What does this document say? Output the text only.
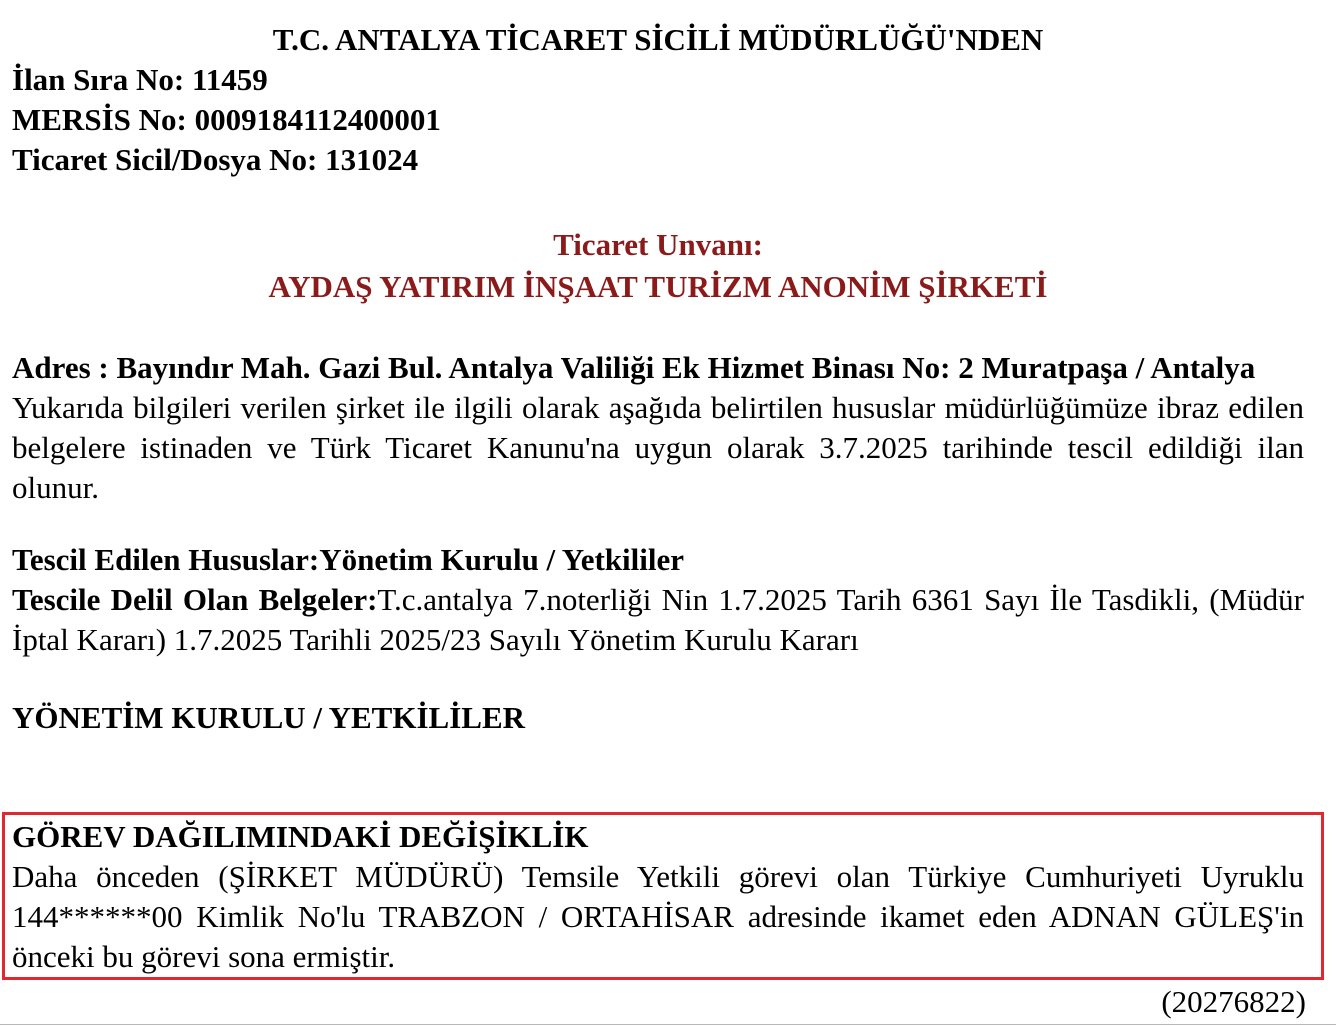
T.C. ANTALYA TİCARET SİCİLİ MÜDÜRLÜĞÜ'NDEN
İlan Sıra No: 11459
MERSİS No: 0009184112400001
Ticaret Sicil/Dosya No: 131024
Ticaret Unvanı:
AYDAŞ YATIRIM İNŞAAT TURİZM ANONİM ŞİRKETİ
Adres : Bayındır Mah. Gazi Bul. Antalya Valiliği Ek Hizmet Binası No: 2 Muratpaşa / Antalya
Yukarıda bilgileri verilen şirket ile ilgili olarak aşağıda belirtilen hususlar müdürlüğümüze ibraz edilen belgelere istinaden ve Türk Ticaret Kanunu'na uygun olarak 3.7.2025 tarihinde tescil edildiği ilan olunur.
Tescil Edilen Hususlar:Yönetim Kurulu / Yetkililer
Tescile Delil Olan Belgeler:T.c.antalya 7.noterliği Nin 1.7.2025 Tarih 6361 Sayı İle Tasdikli, (Müdür İptal Kararı) 1.7.2025 Tarihli 2025/23 Sayılı Yönetim Kurulu Kararı
YÖNETİM KURULU / YETKİLİLER
GÖREV DAĞILIMINDAKİ DEĞİŞİKLİK
Daha önceden (ŞİRKET MÜDÜRÜ) Temsile Yetkili görevi olan Türkiye Cumhuriyeti Uyruklu 144******00 Kimlik No'lu TRABZON / ORTAHİSAR adresinde ikamet eden ADNAN GÜLEŞ'in önceki bu görevi sona ermiştir.
(20276822)
